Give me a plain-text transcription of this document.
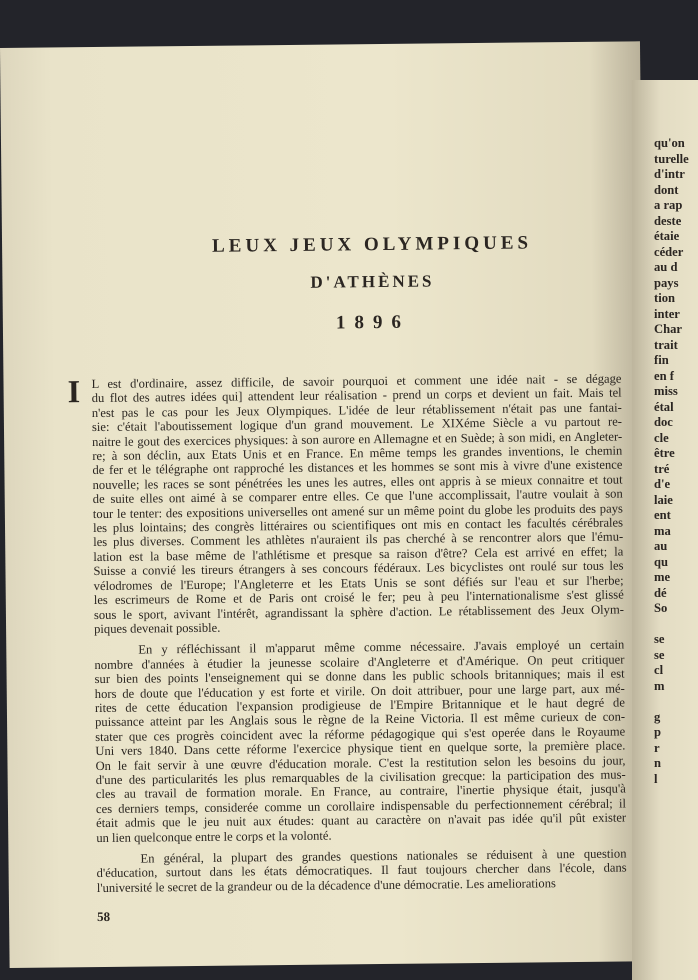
LEUX JEUX OLYMPIQUES
D'ATHÈNES
1896
I L est d'ordinaire, assez difficile, de savoir pourquoi et comment une idée nait - se dégage
du flot des autres idées qui] attendent leur réalisation - prend un corps et devient un fait. Mais tel
n'est pas le cas pour les Jeux Olympiques. L'idée de leur rétablissement n'était pas une fantai-
sie: c'était l'aboutissement logique d'un grand mouvement. Le XIXéme Siècle a vu partout re-
naitre le gout des exercices physiques: à son aurore en Allemagne et en Suède; à son midi, en Angleter-
re; à son déclin, aux Etats Unis et en France. En même temps les grandes inventions, le chemin
de fer et le télégraphe ont rapproché les distances et les hommes se sont mis à vivre d'une existence
nouvelle; les races se sont pénétrées les unes les autres, elles ont appris à se mieux connaitre et tout
de suite elles ont aimé à se comparer entre elles. Ce que l'une accomplissait, l'autre voulait à son
tour le tenter: des expositions universelles ont amené sur un même point du globe les produits des pays
les plus lointains; des congrès littéraires ou scientifiques ont mis en contact les facultés cérébrales
les plus diverses. Comment les athlètes n'auraient ils pas cherché à se rencontrer alors que l'ému-
lation est la base même de l'athlétisme et presque sa raison d'être? Cela est arrivé en effet; la
Suisse a convié les tireurs étrangers à ses concours fédéraux. Les bicyclistes ont roulé sur tous les
vélodromes de l'Europe; l'Angleterre et les Etats Unis se sont défiés sur l'eau et sur l'herbe;
les escrimeurs de Rome et de Paris ont croisé le fer; peu à peu l'internationalisme s'est glissé
sous le sport, avivant l'intérêt, agrandissant la sphère d'action. Le rétablissement des Jeux Olym-
piques devenait possible.
En y réfléchissant il m'apparut même comme nécessaire. J'avais employé un certain
nombre d'années à étudier la jeunesse scolaire d'Angleterre et d'Amérique. On peut critiquer
sur bien des points l'enseignement qui se donne dans les public schools britanniques; mais il est
hors de doute que l'éducation y est forte et virile. On doit attribuer, pour une large part, aux mé-
rites de cette éducation l'expansion prodigieuse de l'Empire Britannique et le haut degré de
puissance atteint par les Anglais sous le règne de la Reine Victoria. Il est même curieux de con-
stater que ces progrès coincident avec la réforme pédagogique qui s'est operée dans le Royaume
Uni vers 1840. Dans cette réforme l'exercice physique tient en quelque sorte, la première place.
On le fait servir à une œuvre d'éducation morale. C'est la restitution selon les besoins du jour,
d'une des particularités les plus remarquables de la civilisation grecque: la participation des mus-
cles au travail de formation morale. En France, au contraire, l'inertie physique était, jusqu'à
ces derniers temps, considerée comme un corollaire indispensable du perfectionnement cérébral; il
était admis que le jeu nuit aux études: quant au caractère on n'avait pas idée qu'il pût exister
un lien quelconque entre le corps et la volonté.
En général, la plupart des grandes questions nationales se réduisent à une question
d'éducation, surtout dans les états démocratiques. Il faut toujours chercher dans l'école, dans
l'université le secret de la grandeur ou de la décadence d'une démocratie. Les ameliorations
58
qu'on
turelle
d'intr
dont
a rap
deste
étaie
céder
au d
pays
tion
inter
Char
trait
fin
en f
miss
étal
doc
cle
être
tré
d'e
laie
ent
ma
au
qu
me
dé
So
se
se
cl
m
g
p
r
n
l
